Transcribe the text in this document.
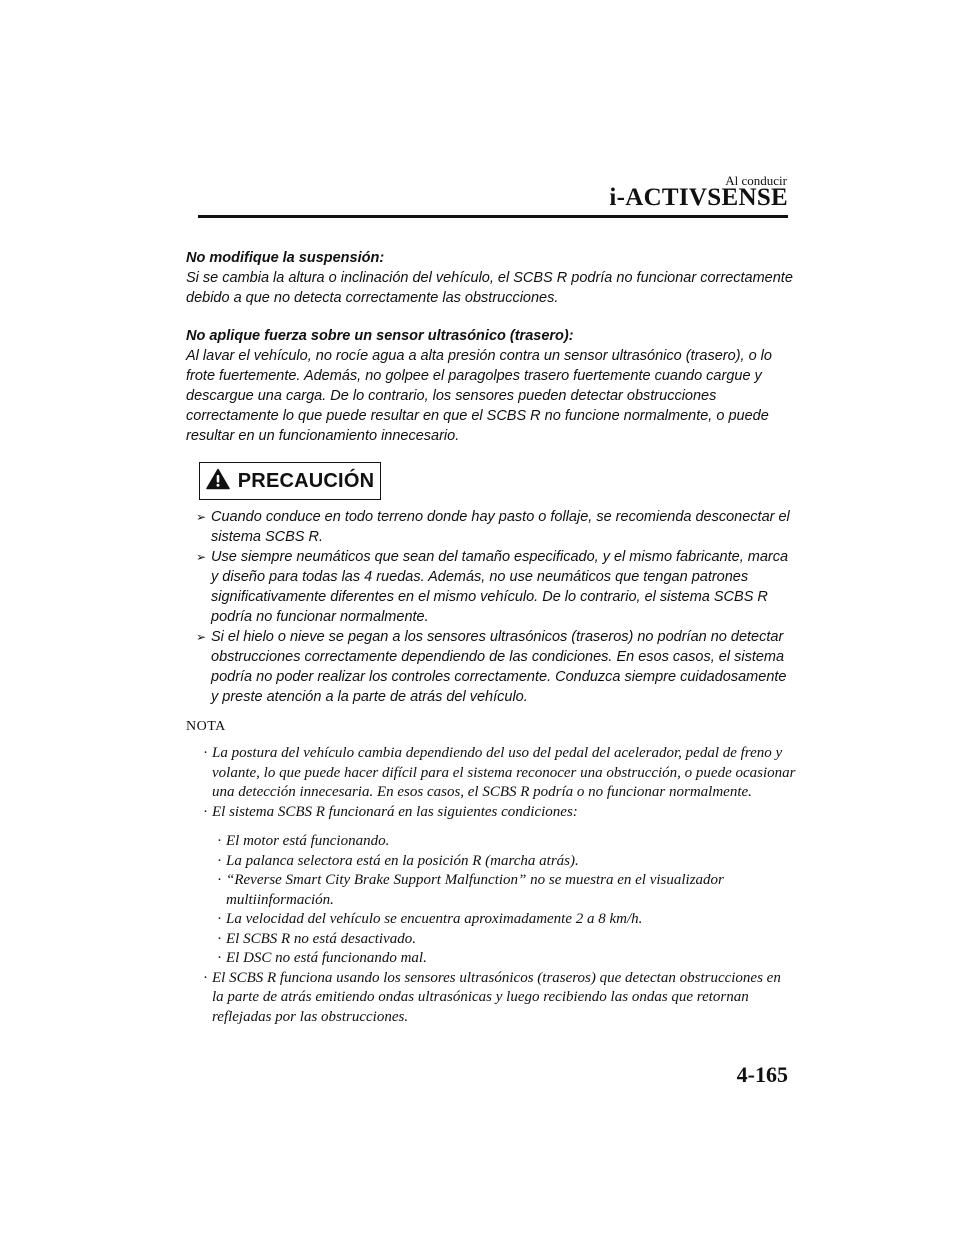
Al conducir
i-ACTIVSENSE
No modifique la suspensión:
Si se cambia la altura o inclinación del vehículo, el SCBS R podría no funcionar correctamente debido a que no detecta correctamente las obstrucciones.
No aplique fuerza sobre un sensor ultrasónico (trasero):
Al lavar el vehículo, no rocíe agua a alta presión contra un sensor ultrasónico (trasero), o lo frote fuertemente. Además, no golpee el paragolpes trasero fuertemente cuando cargue y descargue una carga. De lo contrario, los sensores pueden detectar obstrucciones correctamente lo que puede resultar en que el SCBS R no funcione normalmente, o puede resultar en un funcionamiento innecesario.
PRECAUCIÓN
➢ Cuando conduce en todo terreno donde hay pasto o follaje, se recomienda desconectar el sistema SCBS R.
➢ Use siempre neumáticos que sean del tamaño especificado, y el mismo fabricante, marca y diseño para todas las 4 ruedas. Además, no use neumáticos que tengan patrones significativamente diferentes en el mismo vehículo. De lo contrario, el sistema SCBS R podría no funcionar normalmente.
➢ Si el hielo o nieve se pegan a los sensores ultrasónicos (traseros) no podrían no detectar obstrucciones correctamente dependiendo de las condiciones. En esos casos, el sistema podría no poder realizar los controles correctamente. Conduzca siempre cuidadosamente y preste atención a la parte de atrás del vehículo.
NOTA
· La postura del vehículo cambia dependiendo del uso del pedal del acelerador, pedal de freno y volante, lo que puede hacer difícil para el sistema reconocer una obstrucción, o puede ocasionar una detección innecesaria. En esos casos, el SCBS R podría o no funcionar normalmente.
· El sistema SCBS R funcionará en las siguientes condiciones:
· El motor está funcionando.
· La palanca selectora está en la posición R (marcha atrás).
· “Reverse Smart City Brake Support Malfunction” no se muestra en el visualizador multiinformación.
· La velocidad del vehículo se encuentra aproximadamente 2 a 8 km/h.
· El SCBS R no está desactivado.
· El DSC no está funcionando mal.
· El SCBS R funciona usando los sensores ultrasónicos (traseros) que detectan obstrucciones en la parte de atrás emitiendo ondas ultrasónicas y luego recibiendo las ondas que retornan reflejadas por las obstrucciones.
4-165
